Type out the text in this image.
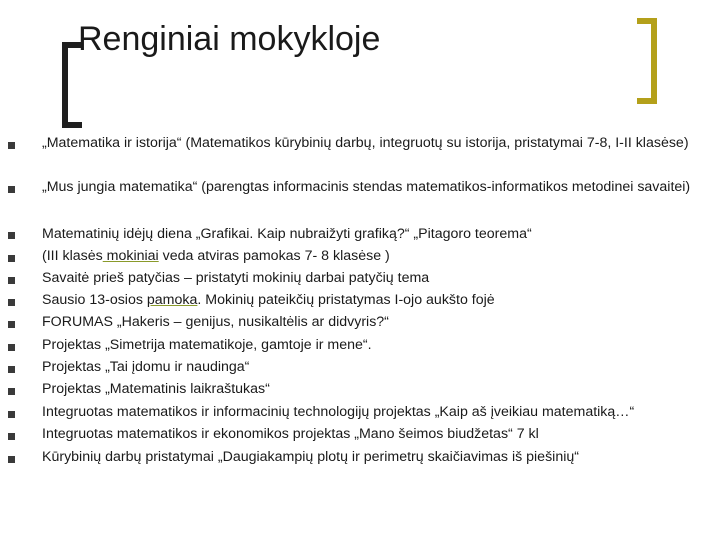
Renginiai mokykloje
„Matematika ir istorija“ (Matematikos kūrybinių darbų, integruotų su istorija, pristatymai 7-8, I-II klasėse)
„Mus jungia matematika“ (parengtas informacinis stendas matematikos-informatikos metodinei savaitei)
Matematinių idėjų diena „Grafikai. Kaip nubraižyti grafiką?“ „Pitagoro teorema“
(III klasės mokiniai veda atviras pamokas 7- 8 klasėse )
Savaitė prieš patyčias – pristatyti mokinių darbai patyčių tema
Sausio 13-osios pamoka. Mokinių pateikčių pristatymas I-ojo aukšto fojė
FORUMAS „Hakeris – genijus, nusikaltėlis ar didvyris?“
Projektas „Simetrija matematikoje, gamtoje ir mene“.
Projektas „Tai įdomu ir naudinga“
Projektas „Matematinis laikraštukas“
Integruotas matematikos ir informacinių technologijų projektas „Kaip aš įveikiau matematiką…“
Integruotas matematikos ir ekonomikos projektas „Mano šeimos biudžetas“ 7 kl
Kūrybinių darbų pristatymai „Daugiakampių plotų ir perimetrų skaičiavimas iš piešinių“
